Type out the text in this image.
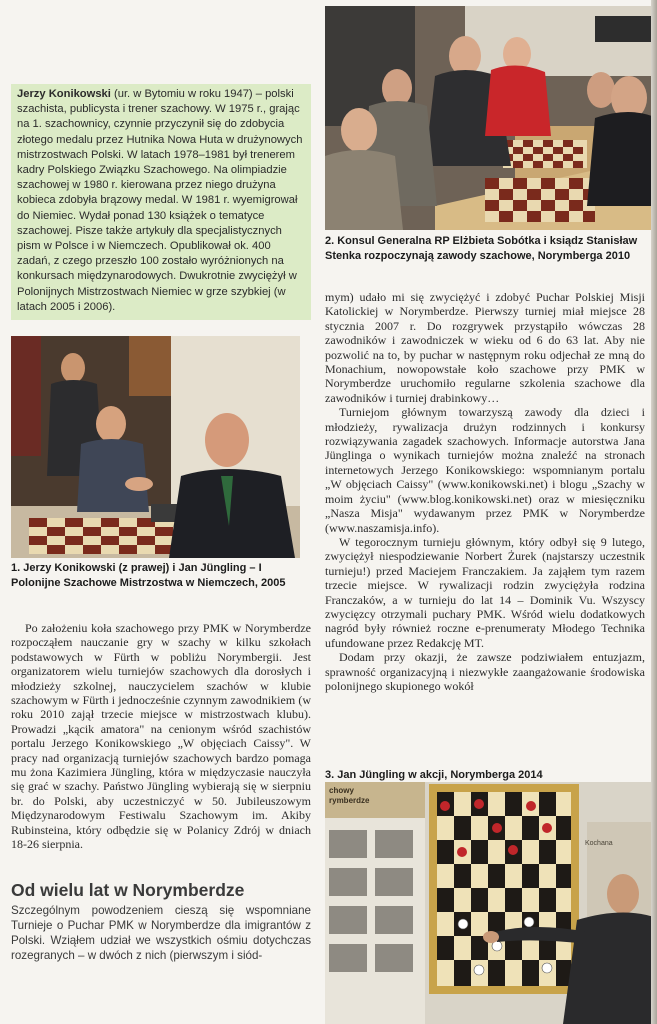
Jerzy Konikowski (ur. w Bytomiu w roku 1947) – polski szachista, publicysta i trener szachowy. W 1975 r., grając na 1. szachownicy, czynnie przyczynił się do zdobycia złotego medalu przez Hutnika Nowa Huta w drużynowych mistrzostwach Polski. W latach 1978–1981 był trenerem kadry Polskiego Związku Szachowego. Na olimpiadzie szachowej w 1980 r. kierowana przez niego drużyna kobieca zdobyła brązowy medal. W 1981 r. wyemigrował do Niemiec. Wydał ponad 130 książek o tematyce szachowej. Pisze także artykuły dla specjalistycznych pism w Polsce i w Niemczech. Opublikował ok. 400 zadań, z czego przeszło 100 zostało wyróżnionych na konkursach międzynarodowych. Dwukrotnie zwyciężył w Polonijnych Mistrzostwach Niemiec w grze szybkiej (w latach 2005 i 2006).
2. Konsul Generalna RP Elżbieta Sobótka i ksiądz Stanisław Stenka rozpoczynają zawody szachowe, Norymberga 2010
1. Jerzy Konikowski (z prawej) i Jan Jüngling – I Polonijne Szachowe Mistrzostwa w Niemczech, 2005

Po założeniu koła szachowego przy PMK w Norymberdze rozpocząłem nauczanie gry w szachy w kilku szkołach podstawowych w Fürth w pobliżu Norymbergii. Jest organizatorem wielu turniejów szachowych dla dorosłych i młodzieży szkolnej, nauczycielem szachów w klubie szachowym w Fürth i jednocześnie czynnym zawodnikiem (w roku 2010 zajął trzecie miejsce w mistrzostwach klubu). Prowadzi „kącik amatora" na cenionym wśród szachistów portalu Jerzego Konikowskiego „W objęciach Caissy". W pracy nad organizacją turniejów szachowych bardzo pomaga mu żona Kazimiera Jüngling, która w międzyczasie nauczyła się grać w szachy. Państwo Jüngling wybierają się w sierpniu br. do Polski, aby uczestniczyć w 50. Jubileuszowym Międzynarodowym Festiwalu Szachowym im. Akiby Rubinsteina, który odbędzie się w Polanicy Zdrój w dniach 18-26 sierpnia.

Od wielu lat w Norymberdze
Szczególnym powodzeniem cieszą się wspomniane Turnieje o Puchar PMK w Norymberdze dla imigrantów z Polski. Wziąłem udział we wszystkich ośmiu dotychczas rozegranych – w dwóch z nich (pierwszym i siód-

mym) udało mi się zwyciężyć i zdobyć Puchar Polskiej Misji Katolickiej w Norymberdze. Pierwszy turniej miał miejsce 28 stycznia 2007 r. Do rozgrywek przystąpiło wówczas 28 zawodników i zawodniczek w wieku od 6 do 63 lat. Aby nie pozwolić na to, by puchar w następnym roku odjechał ze mną do Monachium, nowopowstałe koło szachowe przy PMK w Norymberdze uruchomiło regularne szkolenia szachowe dla zawodników i turniej drabinkowy…

Turniejom głównym towarzyszą zawody dla dzieci i młodzieży, rywalizacja drużyn rodzinnych i konkursy rozwiązywania zagadek szachowych. Informacje autorstwa Jana Jünglinga o wynikach turniejów można znaleźć na stronach internetowych Jerzego Konikowskiego: wspomnianym portalu „W objęciach Caissy" (www.konikowski.net) i blogu „Szachy w moim życiu" (www.blog.konikowski.net) oraz w miesięczniku „Nasza Misja" wydawanym przez PMK w Norymberdze (www.naszamisja.info).

W tegorocznym turnieju głównym, który odbył się 9 lutego, zwyciężył niespodziewanie Norbert Żurek (najstarszy uczestnik turnieju!) przed Maciejem Franczakiem. Ja zająłem tym razem trzecie miejsce. W rywalizacji rodzin zwyciężyła rodzina Franczaków, a w turnieju do lat 14 – Dominik Vu. Wszyscy zwycięzcy otrzymali puchary PMK. Wśród wielu dodatkowych nagród były również roczne e-prenumeraty Młodego Technika ufundowane przez Redakcję MT.

Dodam przy okazji, że zawsze podziwiałem entuzjazm, sprawność organizacyjną i niezwykłe zaangażowanie środowiska polonijnego skupionego wokół

3. Jan Jüngling w akcji, Norymberga 2014
chowy
rymberdze
Kochana
